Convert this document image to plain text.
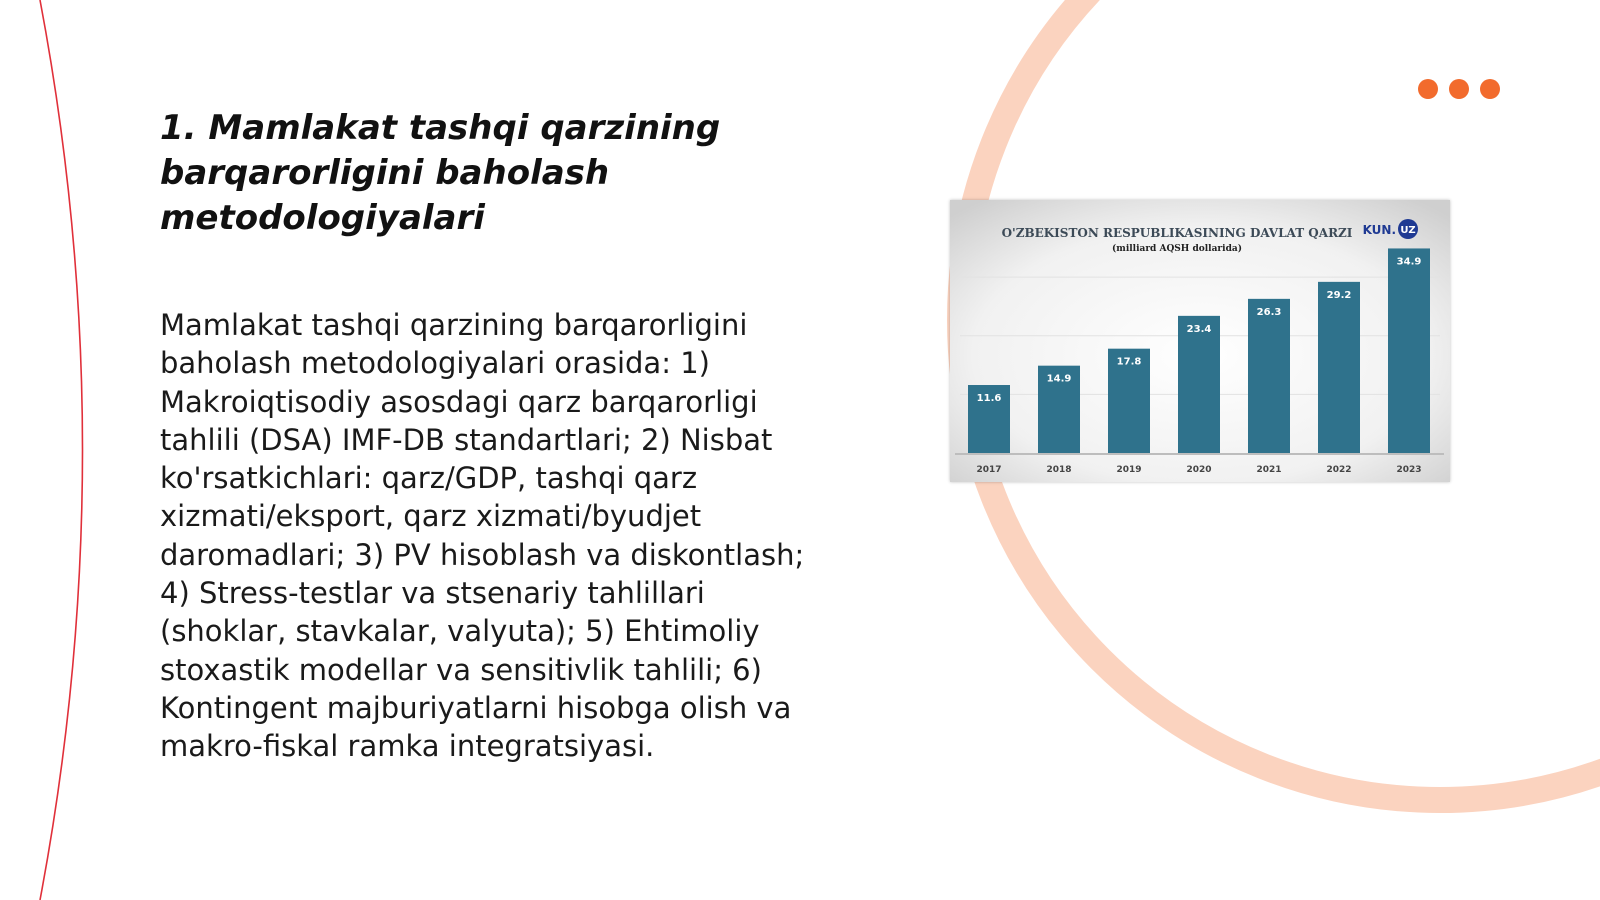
1. Mamlakat tashqi qarzining barqarorligini baholash metodologiyalari

Mamlakat tashqi qarzining barqarorligini baholash metodologiyalari orasida: 1) Makroiqtisodiy asosdagi qarz barqarorligi tahlili (DSA) IMF-DB standartlari; 2) Nisbat ko'rsatkichlari: qarz/GDP, tashqi qarz xizmati/eksport, qarz xizmati/byudjet daromadlari; 3) PV hisoblash va diskontlash; 4) Stress-testlar va stsenariy tahlillari (shoklar, stavkalar, valyuta); 5) Ehtimoliy stoxastik modellar va sensitivlik tahlili; 6) Kontingent majburiyatlarni hisobga olish va makro-fiskal ramka integratsiyasi.

O'ZBEKISTON RESPUBLIKASINING DAVLAT QARZI
(milliard AQSH dollarida)
KUN. UZ
11.6
2017
14.9
2018
17.8
2019
23.4
2020
26.3
2021
29.2
2022
34.9
2023
